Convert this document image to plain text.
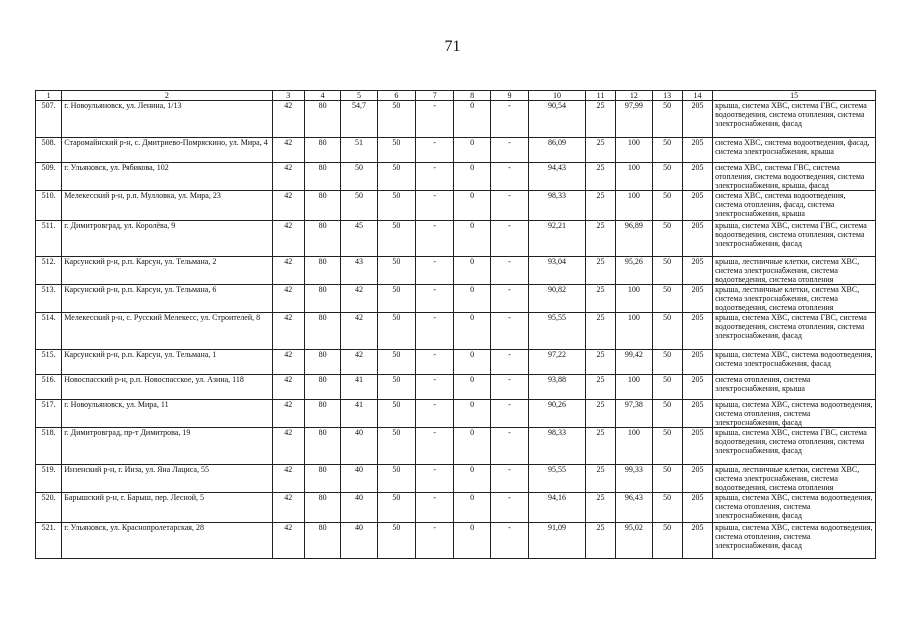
71
1	2	3	4	5	6	7	8	9	10	11	12	13	14	15
507.	г. Новоульяновск, ул. Ленина, 1/13	42	80	54,7	50	-	0	-	90,54	25	97,99	50	205	крыша, система ХВС, система ГВС, система водоотведения, система отопления, система электроснабжения, фасад
508.	Старомайнский р-н, с. Дмитриево-Помряскино, ул. Мира, 4	42	80	51	50	-	0	-	86,09	25	100	50	205	система ХВС, система водоотведения, фасад, система электроснабжения, крыша
509.	г. Ульяновск, ул. Рябикова, 102	42	80	50	50	-	0	-	94,43	25	100	50	205	система ХВС, система ГВС, система отопления, система водоотведения, система электроснабжения, крыша, фасад
510.	Мелекесский р-н, р.п. Мулловка, ул. Мира, 23	42	80	50	50	-	0	-	98,33	25	100	50	205	система ХВС, система водоотведения, система отопления, фасад, система электроснабжения, крыша
511.	г. Димитровград, ул. Королёва, 9	42	80	45	50	-	0	-	92,21	25	96,89	50	205	крыша, система ХВС, система ГВС, система водоотведения, система отопления, система электроснабжения, фасад
512.	Карсунский р-н, р.п. Карсун, ул. Тельмана, 2	42	80	43	50	-	0	-	93,04	25	95,26	50	205	крыша, лестничные клетки, система ХВС, система электроснабжения, система водоотведения, система отопления
513.	Карсунский р-н, р.п. Карсун, ул. Тельмана, 6	42	80	42	50	-	0	-	90,82	25	100	50	205	крыша, лестничные клетки, система ХВС, система электроснабжения, система водоотведения, система отопления
514.	Мелекесский р-н, с. Русский Мелекесс, ул. Строителей, 8	42	80	42	50	-	0	-	95,55	25	100	50	205	крыша, система ХВС, система ГВС, система водоотведения, система отопления, система электроснабжения, фасад
515.	Карсунский р-н, р.п. Карсун, ул. Тельмана, 1	42	80	42	50	-	0	-	97,22	25	99,42	50	205	крыша, система ХВС, система водоотведения, система электроснабжения, фасад
516.	Новоспасский р-н, р.п. Новоспасское, ул. Азина, 118	42	80	41	50	-	0	-	93,88	25	100	50	205	система отопления, система электроснабжения, крыша
517.	г. Новоульяновск, ул. Мира, 11	42	80	41	50	-	0	-	90,26	25	97,38	50	205	крыша, система ХВС, система водоотведения, система отопления, система электроснабжения, фасад
518.	г. Димитровград, пр-т Димитрова, 19	42	80	40	50	-	0	-	98,33	25	100	50	205	крыша, система ХВС, система ГВС, система водоотведения, система отопления, система электроснабжения, фасад
519.	Инзенский р-н, г. Инза, ул. Яна Лациса, 55	42	80	40	50	-	0	-	95,55	25	99,33	50	205	крыша, лестничные клетки, система ХВС, система электроснабжения, система водоотведения, система отопления
520.	Барышский р-н, г. Барыш, пер. Лесной, 5	42	80	40	50	-	0	-	94,16	25	96,43	50	205	крыша, система ХВС, система водоотведения, система отопления, система электроснабжения, фасад
521.	г. Ульяновск, ул. Краснопролетарская, 28	42	80	40	50	-	0	-	91,09	25	95,02	50	205	крыша, система ХВС, система водоотведения, система отопления, система электроснабжения, фасад
